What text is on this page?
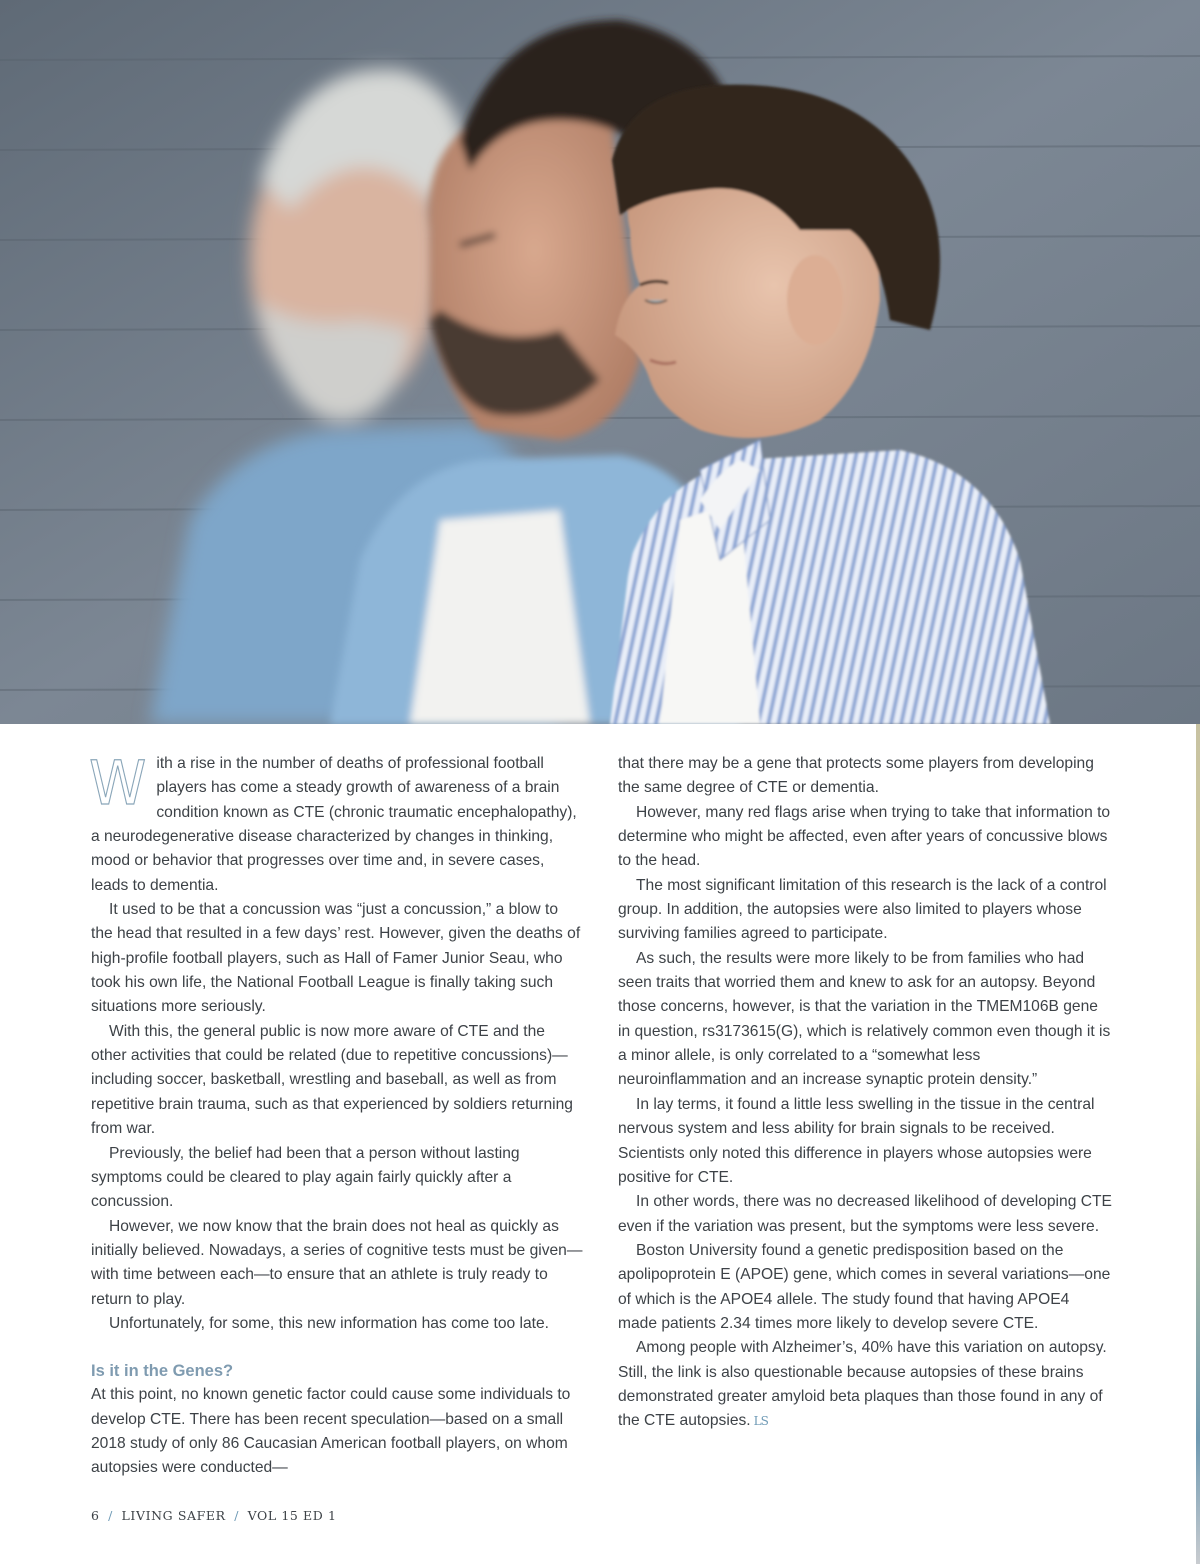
With a rise in the number of deaths of professional football players has come a steady growth of awareness of a brain condition known as CTE (chronic traumatic encephalopathy), a neurodegenerative disease characterized by changes in thinking, mood or behavior that progresses over time and, in severe cases, leads to dementia.

It used to be that a concussion was “just a concussion,” a blow to the head that resulted in a few days’ rest. However, given the deaths of high-profile football players, such as Hall of Famer Junior Seau, who took his own life, the National Football League is finally taking such situations more seriously.

With this, the general public is now more aware of CTE and the other activities that could be related (due to repetitive concussions)—including soccer, basketball, wrestling and baseball, as well as from repetitive brain trauma, such as that experienced by soldiers returning from war.

Previously, the belief had been that a person without lasting symptoms could be cleared to play again fairly quickly after a concussion.

However, we now know that the brain does not heal as quickly as initially believed. Nowadays, a series of cognitive tests must be given—with time between each—to ensure that an athlete is truly ready to return to play.

Unfortunately, for some, this new information has come too late.

Is it in the Genes?

At this point, no known genetic factor could cause some individuals to develop CTE. There has been recent speculation—based on a small 2018 study of only 86 Caucasian American football players, on whom autopsies were conducted—

that there may be a gene that protects some players from developing the same degree of CTE or dementia.

However, many red flags arise when trying to take that information to determine who might be affected, even after years of concussive blows to the head.

The most significant limitation of this research is the lack of a control group. In addition, the autopsies were also limited to players whose surviving families agreed to participate.

As such, the results were more likely to be from families who had seen traits that worried them and knew to ask for an autopsy. Beyond those concerns, however, is that the variation in the TMEM106B gene in question, rs3173615(G), which is relatively common even though it is a minor allele, is only correlated to a “somewhat less neuroinflammation and an increase synaptic protein density.”

In lay terms, it found a little less swelling in the tissue in the central nervous system and less ability for brain signals to be received. Scientists only noted this difference in players whose autopsies were positive for CTE.

In other words, there was no decreased likelihood of developing CTE even if the variation was present, but the symptoms were less severe.

Boston University found a genetic predisposition based on the apolipoprotein E (APOE) gene, which comes in several variations—one of which is the APOE4 allele. The study found that having APOE4 made patients 2.34 times more likely to develop severe CTE.

Among people with Alzheimer’s, 40% have this variation on autopsy. Still, the link is also questionable because autopsies of these brains demonstrated greater amyloid beta plaques than those found in any of the CTE autopsies. LS

6 / LIVING SAFER / VOL 15 ED 1
